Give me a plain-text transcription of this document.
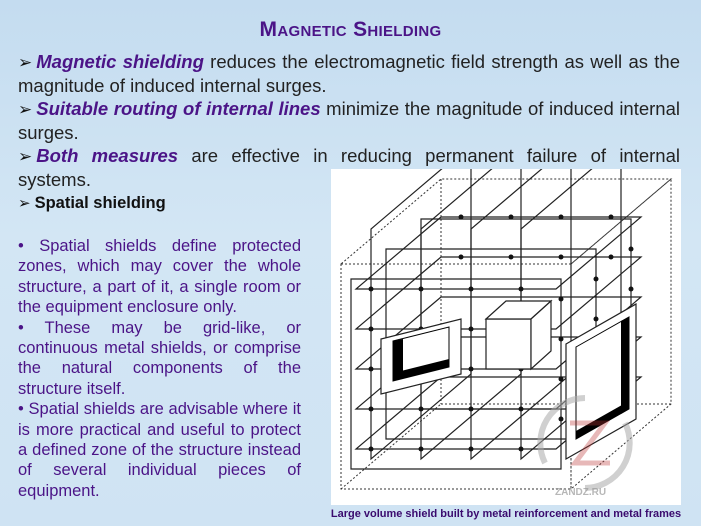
Magnetic Shielding
➢ Magnetic shielding reduces the electromagnetic field strength as well as the magnitude of induced internal surges.
➢ Suitable routing of internal lines minimize the magnitude of induced internal surges.
➢ Both measures are effective in reducing permanent failure of internal systems.
➢ Spatial shielding
• Spatial shields define protected zones, which may cover the whole structure, a part of it, a single room or the equipment enclosure only.
• These may be grid-like, or continuous metal shields, or comprise the natural components of the structure itself.
• Spatial shields are advisable where it is more practical and useful to protect a defined zone of the structure instead of several individual pieces of equipment.	ZANDZ.RU
Large volume shield built by metal reinforcement and metal frames
